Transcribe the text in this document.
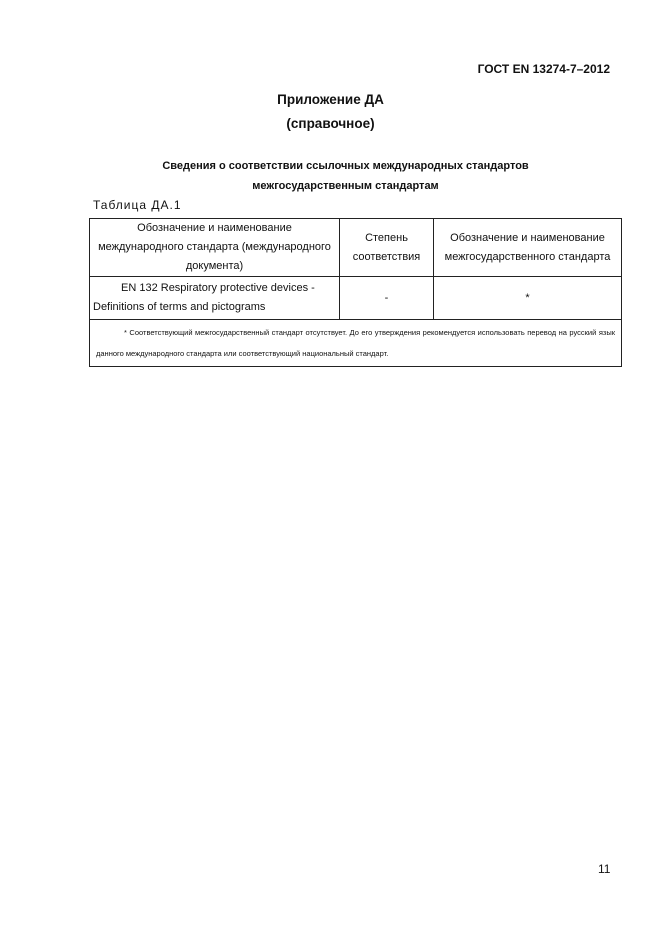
ГОСТ EN 13274-7–2012
Приложение ДА
(справочное)
Сведения о соответствии ссылочных международных стандартов
межгосударственным стандартам
Таблица ДА.1
Обозначение и наименование международного стандарта (международного документа)	Степень соответствия	Обозначение и наименование межгосударственного стандарта
EN 132 Respiratory protective devices - Definitions of terms and pictograms	-	*
* Соответствующий межгосударственный стандарт отсутствует. До его утверждения рекомендуется использовать перевод на русский язык данного международного стандарта или соответствующий национальный стандарт.		
11
